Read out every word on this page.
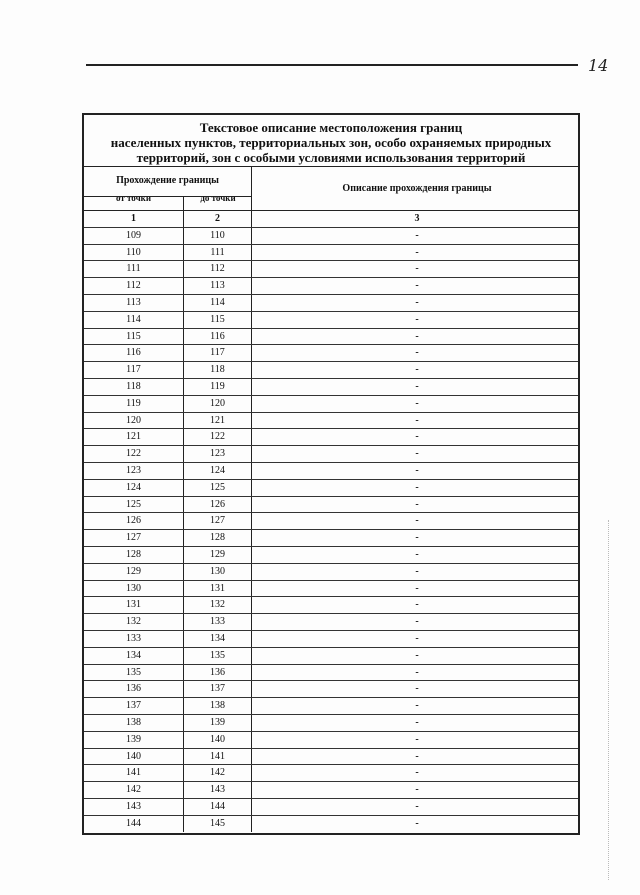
14
Текстовое описание местоположения границ
населенных пунктов, территориальных зон, особо охраняемых природных
территорий, зон с особыми условиями использования территорий
Прохождение границы
от точки	до точки
Описание прохождения границы
1	2	3
109	110	-
110	111	-
111	112	-
112	113	-
113	114	-
114	115	-
115	116	-
116	117	-
117	118	-
118	119	-
119	120	-
120	121	-
121	122	-
122	123	-
123	124	-
124	125	-
125	126	-
126	127	-
127	128	-
128	129	-
129	130	-
130	131	-
131	132	-
132	133	-
133	134	-
134	135	-
135	136	-
136	137	-
137	138	-
138	139	-
139	140	-
140	141	-
141	142	-
142	143	-
143	144	-
144	145	-
